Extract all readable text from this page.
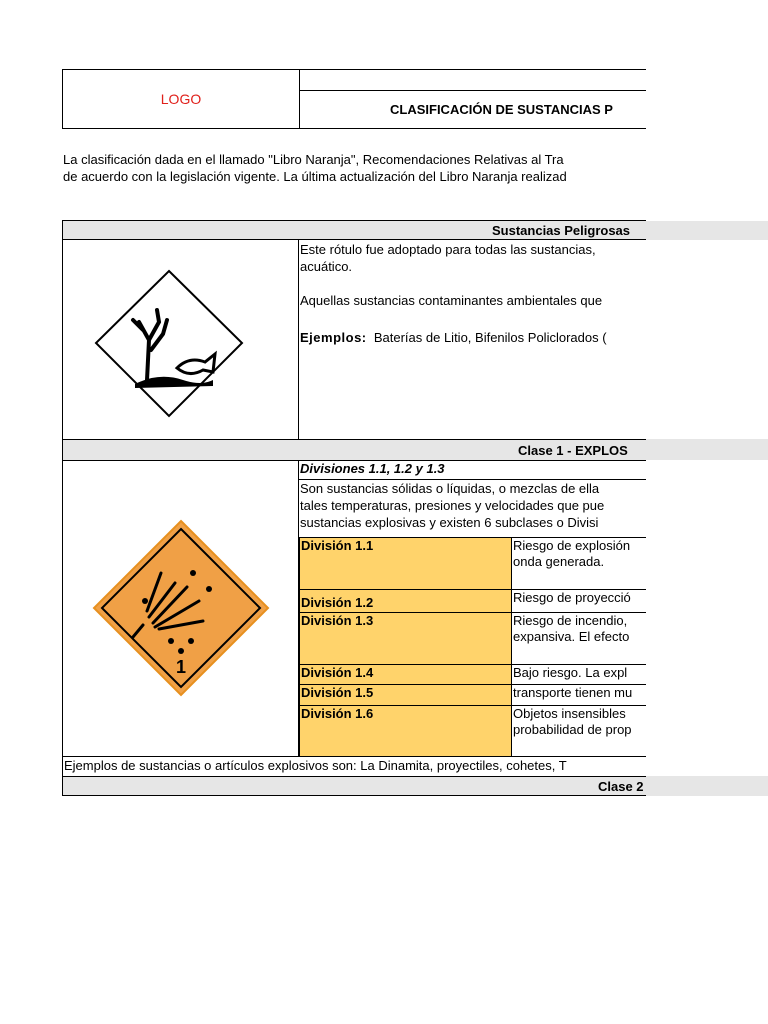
LOGO
CLASIFICACIÓN DE SUSTANCIAS P
La clasificación dada en el llamado "Libro Naranja", Recomendaciones Relativas al Tra
de acuerdo con la legislación vigente. La última actualización del Libro Naranja realizad
Sustancias Peligrosas
Este rótulo fue adoptado para todas las sustancias,
acuático.
Aquellas sustancias contaminantes ambientales que
Ejemplos: Baterías de Litio, Bifenilos Policlorados (
Clase 1 - EXPLOS
1
Divisiones 1.1, 1.2 y 1.3
Son sustancias sólidas o líquidas, o mezclas de ella
tales temperaturas, presiones y velocidades que pue
sustancias explosivas y existen 6 subclases o Divisi
División 1.1	Riesgo de explosión
onda generada.
División 1.2	Riesgo de proyecció
División 1.3	Riesgo de incendio,
expansiva. El efecto
División 1.4	Bajo riesgo. La expl
División 1.5	transporte tienen mu
División 1.6	Objetos insensibles
probabilidad de prop
Ejemplos de sustancias o artículos explosivos son: La Dinamita, proyectiles, cohetes, T
Clase 2
